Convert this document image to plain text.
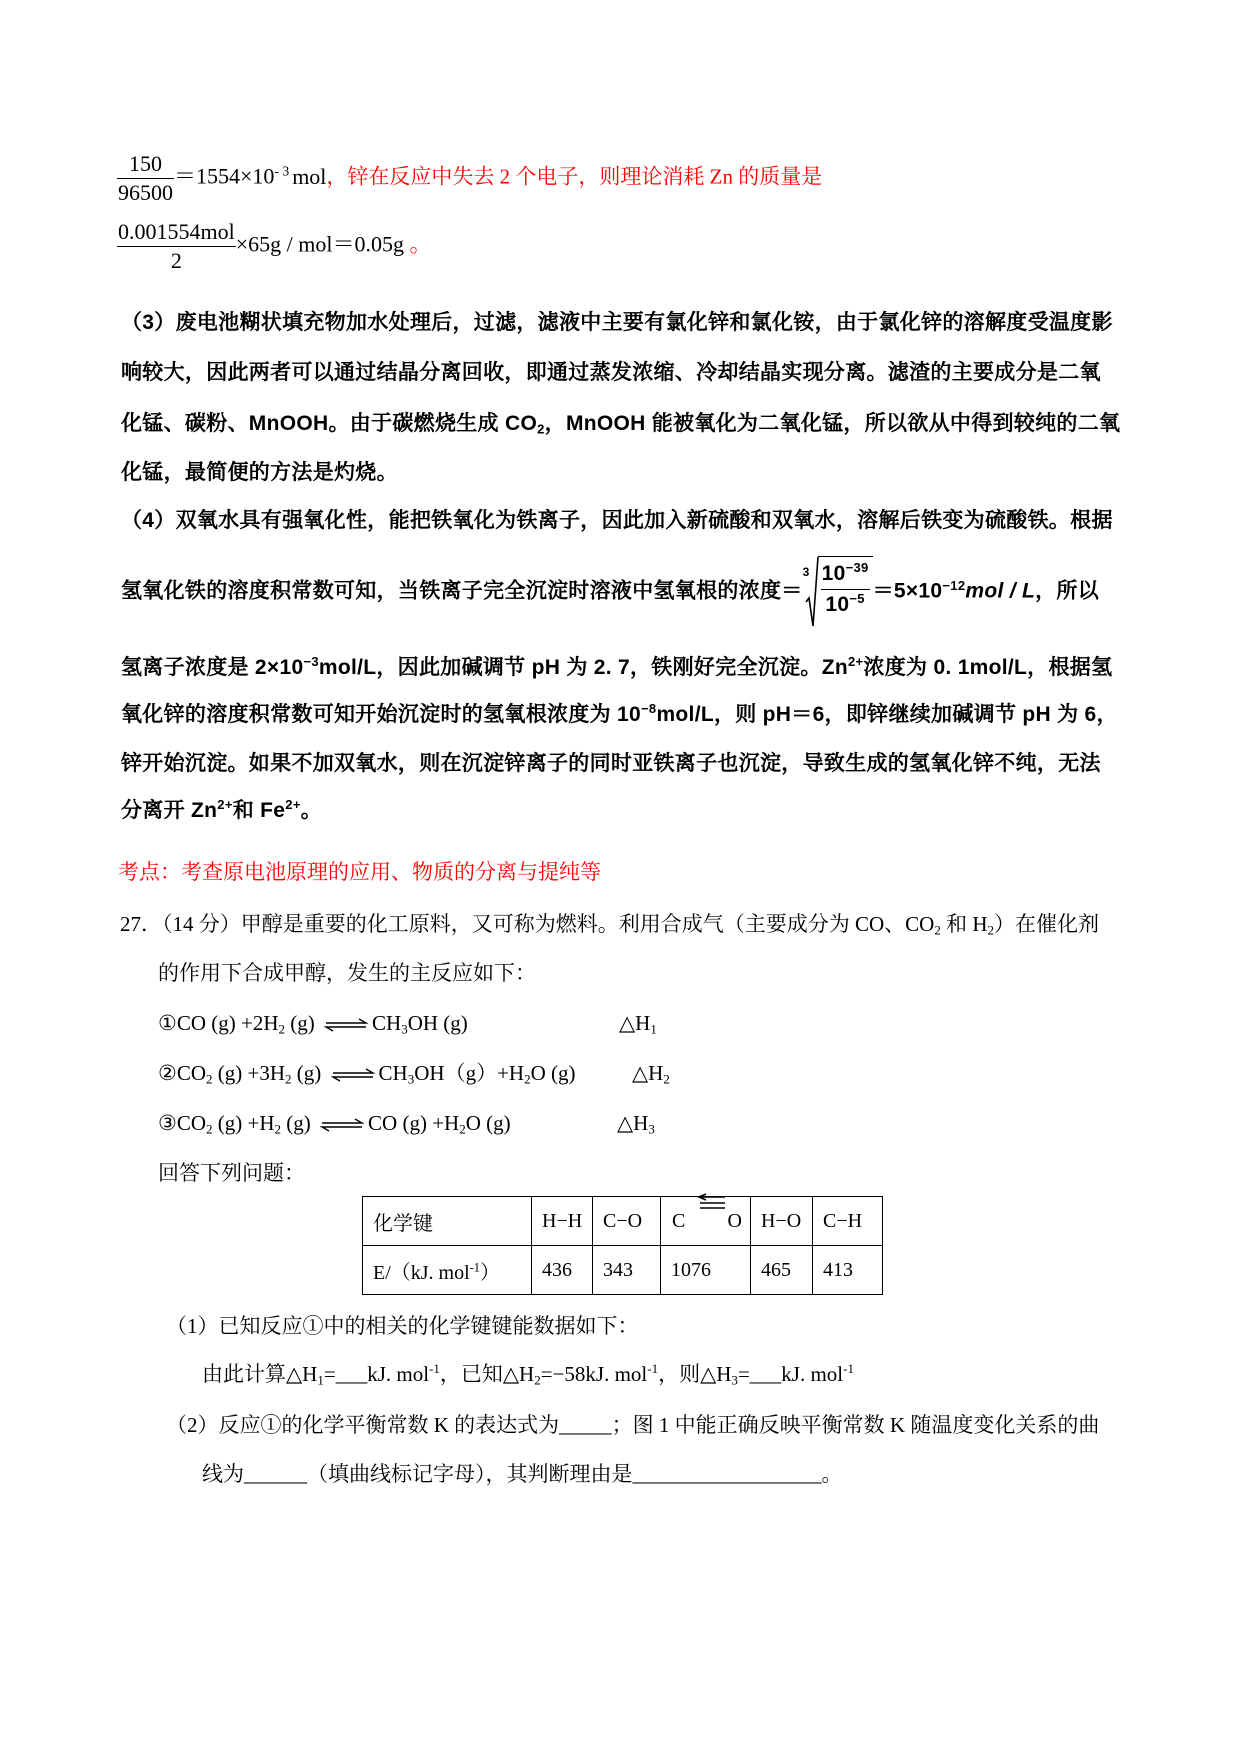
$\frac{150}{96500} =1554\times 10^{- 3}$ mol，锌在反应中失去 2 个电子，则理论消耗 Zn 的质量是
$\frac{\text{0.001554mol}}{2} \times 65g / mol=0.05g$ 。
（3）废电池糊状填充物加水处理后，过滤，滤液中主要有氯化锌和氯化铵，由于氯化锌的溶解度受温度影
响较大，因此两者可以通过结晶分离回收，即通过蒸发浓缩、冷却结晶实现分离。滤渣的主要成分是二氧
化锰、碳粉、MnOOH。由于碳燃烧生成 $CO_2$，MnOOH 能被氧化为二氧化锰，所以欲从中得到较纯的二氧
化锰，最简便的方法是灼烧。
（4）双氧水具有强氧化性，能把铁氧化为铁离子，因此加入新硫酸和双氧水，溶解后铁变为硫酸铁。根据
氢氧化铁的溶度积常数可知，当铁离子完全沉淀时溶液中氢氧根的浓度＝
$3 \frac{10^{-39}}{10^{-5}} =5\times 10^{-12}mol / L$，所以
氢离子浓度是 $2\times 10^{-3}mol/L$，因此加碱调节 pH 为 2. 7，铁刚好完全沉淀。$Zn^{2+}$浓度为 0. 1mol/L，根据氢
氧化锌的溶度积常数可知开始沉淀时的氢氧根浓度为 $10^{-8}mol/L$，则 pH＝6，即锌继续加碱调节 pH 为 6，
锌开始沉淀。如果不加双氧水，则在沉淀锌离子的同时亚铁离子也沉淀，导致生成的氢氧化锌不纯，无法
分离开 $Zn^{2+}$和 $Fe^{2+}$。
考点：考查原电池原理的应用、物质的分离与提纯等
27．（14 分）甲醇是重要的化工原料，又可称为燃料。利用合成气（主要成分为 CO、$CO_2$ 和 $H_2$）在催化剂
的作用下合成甲醇，发生的主反应如下：
①CO $(g) +2H_2$ (g) ⇌ $CH_3OH$ (g)	$\triangle H_1$
$②CO_2$ $(g) +3H_2$ (g) ⇌ $CH_3OH(g)+H_2O$ (g)	$\triangle H_2$
$③CO_2$ $(g) +H_2$ (g) ⇌ CO $(g) +H_2O$ (g)	$\triangle H_3$
回答下列问题：
化学键	H−H	C−O	C O	H−O	C−H
E/（kJ. mol$^{-1}$）	436	343	1076	465	413
（1）已知反应①中的相关的化学键键能数据如下：
由此计算$\triangle H_1=\_\_\_kJ$. mol$^{-1}$，已知$\triangle H_2=-58kJ$. mol$^{-1}$，则$\triangle H_3=\_\_\_kJ$. mol$^{-1}$
（2）反应①的化学平衡常数 K 的表达式为_____；图 1 中能正确反映平衡常数 K 随温度变化关系的曲
线为______（填曲线标记字母），其判断理由是__________________。
